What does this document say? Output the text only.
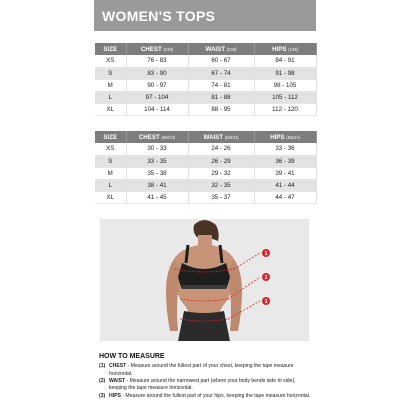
WOMEN'S TOPS
SIZE	CHEST (CM)	WAIST (CM)	HIPS (CM)
XS	76 - 83	60 - 67	84 - 91
S	83 - 90	67 - 74	91 - 98
M	90 - 97	74 - 81	98 - 105
L	97 - 104	81 - 88	105 - 112
XL	104 - 114	88 - 95	112 - 120
SIZE	CHEST (INCH)	WAIST (INCH)	HIPS (INCH)
XS	30 - 33	24 - 26	33 - 36
S	33 - 35	26 - 29	36 - 39
M	35 - 38	29 - 32	39 - 41
L	38 - 41	32 - 35	41 - 44
XL	41 - 45	35 - 37	44 - 47
1
2
3
HOW TO MEASURE
(1) CHEST - Measure around the fullest part of your chest, keeping the tape measure horizontal.
(2) WAIST - Measure around the narrowest part (where your body bends side to side), keeping the tape measure horizontal.
(3) HIPS - Measure around the fullest part of your hips, keeping the tape measure horizontal.
